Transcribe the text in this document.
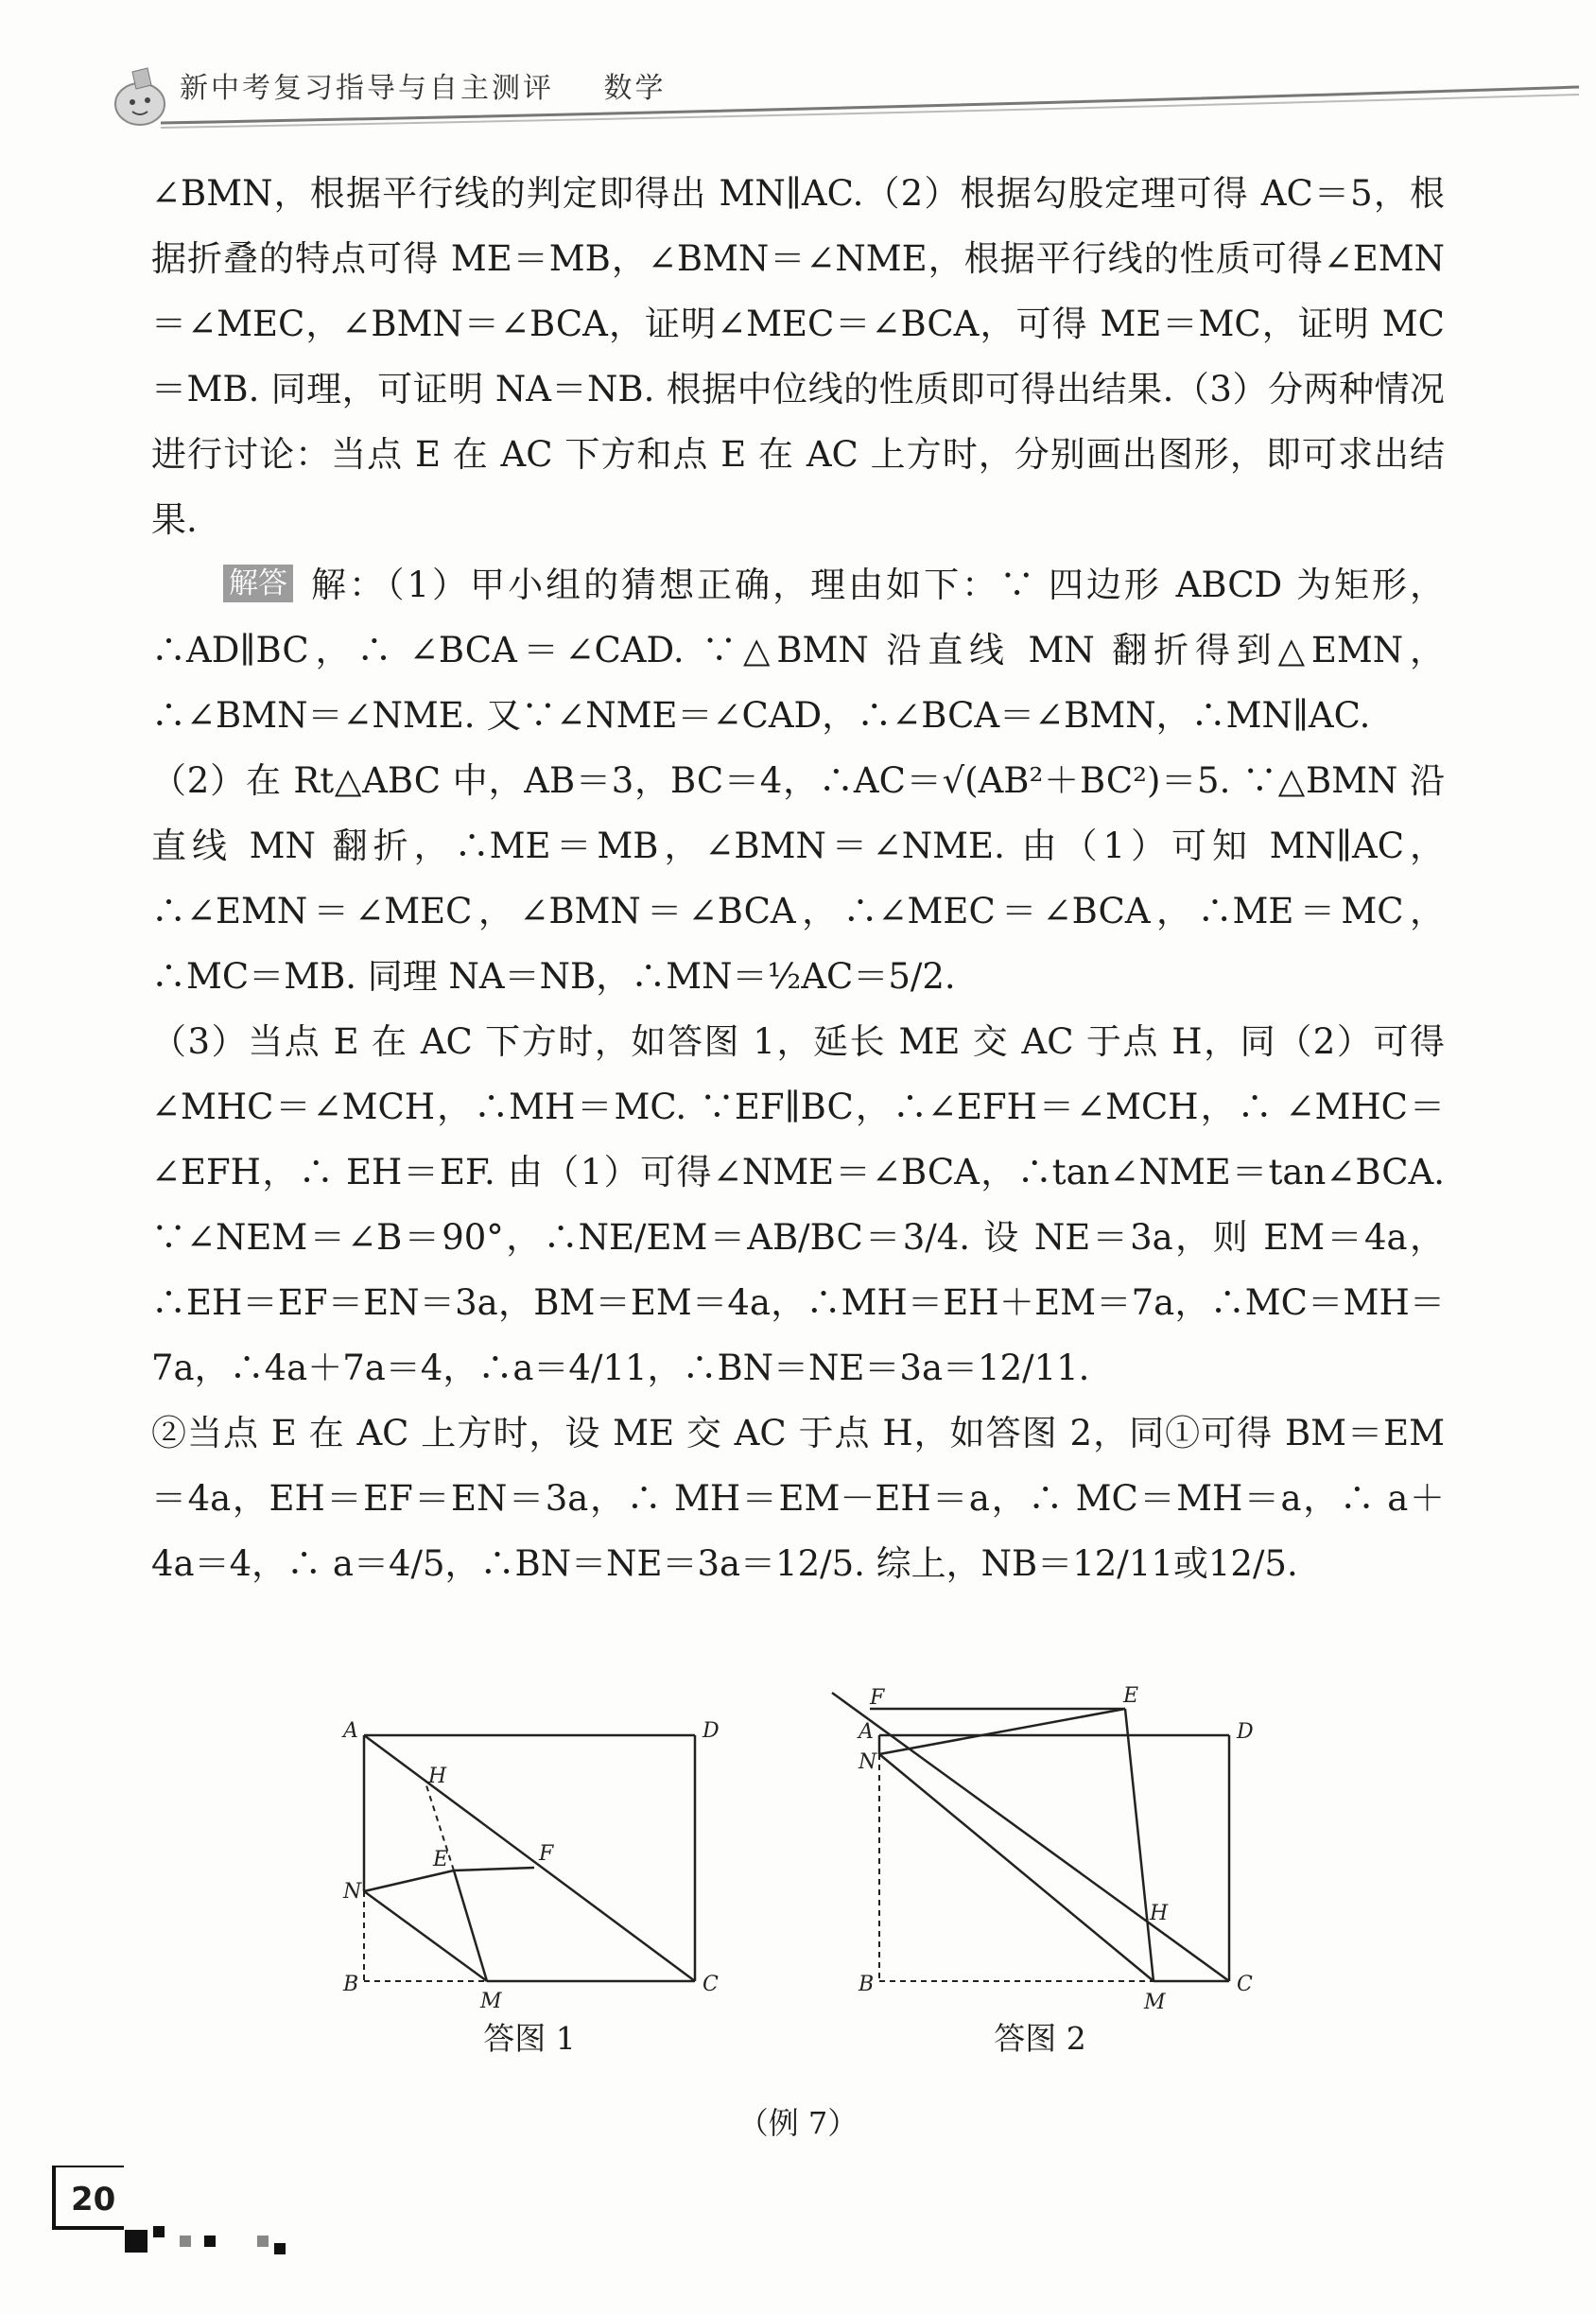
新中考复习指导与自主测评 数学

∠BMN，根据平行线的判定即得出 MN∥AC.（2）根据勾股定理可得 AC＝5，根据折叠的特点可得 ME＝MB，∠BMN＝∠NME，根据平行线的性质可得∠EMN＝∠MEC，∠BMN＝∠BCA，证明∠MEC＝∠BCA，可得 ME＝MC，证明 MC＝MB. 同理，可证明 NA＝NB. 根据中位线的性质即可得出结果.（3）分两种情况进行讨论：当点 E 在 AC 下方和点 E 在 AC 上方时，分别画出图形，即可求出结果.

解答 解：（1）甲小组的猜想正确，理由如下：∵ 四边形 ABCD 为矩形，∴AD∥BC，∴ ∠BCA＝∠CAD. ∵△BMN 沿直线 MN 翻折得到△EMN，∴∠BMN＝∠NME. 又∵∠NME＝∠CAD，∴∠BCA＝∠BMN，∴MN∥AC.

（2）在 Rt△ABC 中，AB＝3，BC＝4，∴AC＝√(AB²＋BC²)＝5. ∵△BMN 沿直线 MN 翻折，∴ME＝MB，∠BMN＝∠NME. 由（1）可知 MN∥AC，∴∠EMN＝∠MEC，∠BMN＝∠BCA，∴∠MEC＝∠BCA，∴ME＝MC，∴MC＝MB. 同理 NA＝NB，∴MN＝½AC＝5/2.

（3）当点 E 在 AC 下方时，如答图 1，延长 ME 交 AC 于点 H，同（2）可得∠MHC＝∠MCH，∴MH＝MC. ∵EF∥BC，∴∠EFH＝∠MCH，∴ ∠MHC＝∠EFH，∴ EH＝EF. 由（1）可得∠NME＝∠BCA，∴tan∠NME＝tan∠BCA. ∵∠NEM＝∠B＝90°，∴NE/EM＝AB/BC＝3/4. 设 NE＝3a，则 EM＝4a，∴EH＝EF＝EN＝3a，BM＝EM＝4a，∴MH＝EH＋EM＝7a，∴MC＝MH＝7a，∴4a＋7a＝4，∴a＝4/11，∴BN＝NE＝3a＝12/11.

②当点 E 在 AC 上方时，设 ME 交 AC 于点 H，如答图 2，同①可得 BM＝EM＝4a，EH＝EF＝EN＝3a，∴ MH＝EM－EH＝a，∴ MC＝MH＝a，∴ a＋4a＝4，∴ a＝4/5，∴BN＝NE＝3a＝12/5. 综上，NB＝12/11或12/5.

A	D
B	C
N
M
E	F
H
F	E
A	D
N
B	C
M
H
答图 1	答图 2
（例 7）
20
